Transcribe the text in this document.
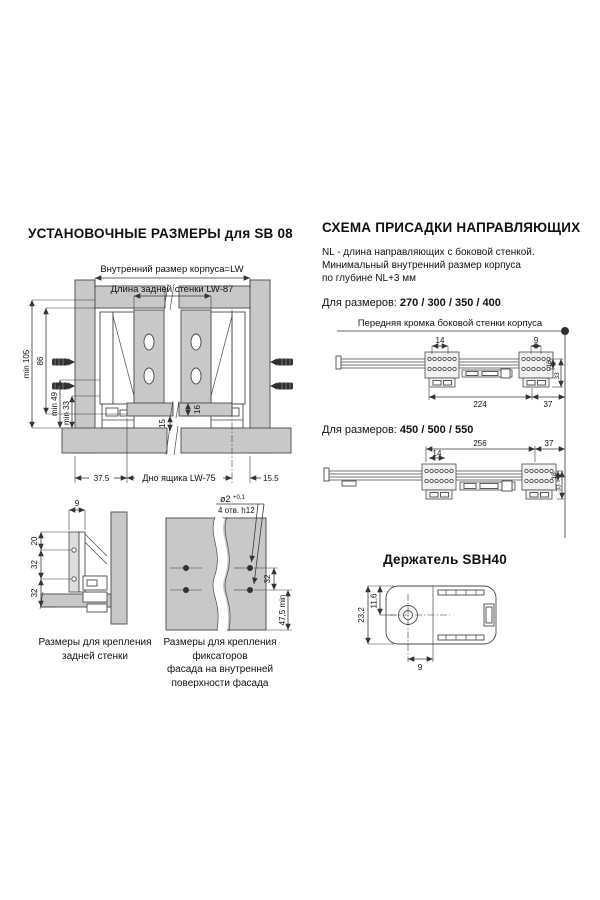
УСТАНОВОЧНЫЕ РАЗМЕРЫ для SB 08
Внутренний размер корпуса=LW
Длина задней стенки LW-87
min 105 86
min 49 min 33	16
15
37.5	Дно ящика LW-75	15.5
9
20
32
32
ø2 +0,1
4 отв. h12
32
47,5 min
Размеры для крепления
задней стенки
Размеры для крепления фиксаторов
фасада на внутренней
поверхности фасада
СХЕМА ПРИСАДКИ НАПРАВЛЯЮЩИХ
NL - длина направляющих с боковой стенкой.
Минимальный внутренний размер корпуса
по глубине NL+3 мм
Для размеров: 270 / 300 / 350 / 400
Передняя кромка боковой стенки корпуса
14	9
224	37
16
33
256	37
14
16
33
Для размеров: 450 / 500 / 550
Держатель SBH40
23,2
11,6
9
